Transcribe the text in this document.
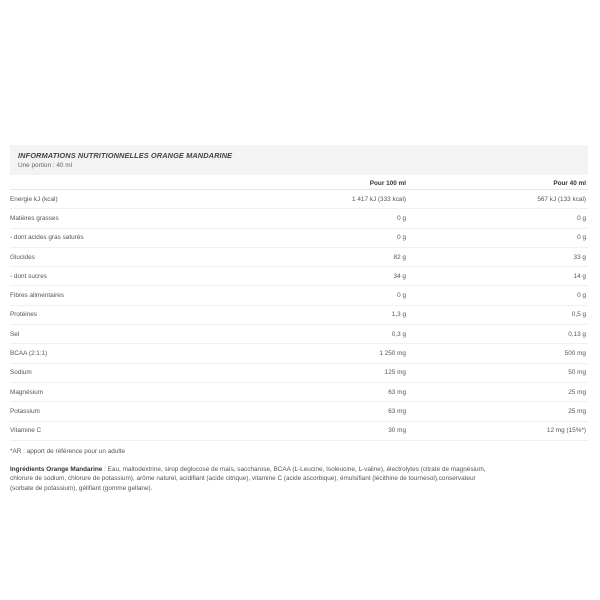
INFORMATIONS NUTRITIONNELLES ORANGE MANDARINE
Une portion : 40 ml
	Pour 100 ml	Pour 40 ml
Energie kJ (kcal)	1 417 kJ (333 kcal)	567 kJ (133 kcal)
Matières grasses	0 g	0 g
- dont acides gras saturés	0 g	0 g
Glucides	82 g	33 g
- dont sucres	34 g	14 g
Fibres alimentaires	0 g	0 g
Protéines	1,3 g	0,5 g
Sel	0,3 g	0,13 g
BCAA (2:1:1)	1 250 mg	500 mg
Sodium	125 mg	50 mg
Magnésium	63 mg	25 mg
Potassium	63 mg	25 mg
Vitamine C	30 mg	12 mg (15%*)
*AR : apport de référence pour un adulte
Ingrédients Orange Mandarine : Eau, maltodextrine, sirop deglucose de maïs, saccharose, BCAA (L-Leucine, Isoleucine, L-valine), électrolytes (citrate de magnésium, chlorure de sodium, chlorure de potassium), arôme naturel, acidifiant (acide citrique), vitamine C (acide ascorbique), émulsifiant (lécithine de tournesol),conservateur (sorbate de potassium), gélifiant (gomme gellane).
